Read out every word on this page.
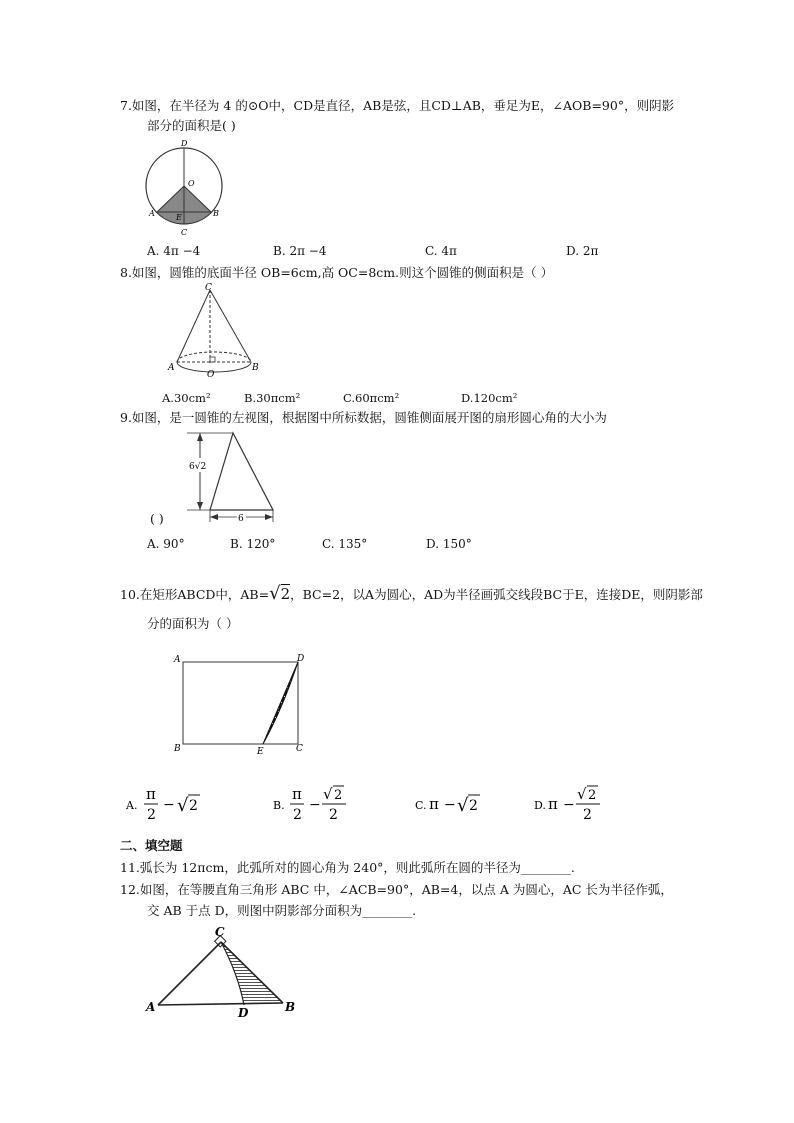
7.如图，在半径为 4 的⊙O中，CD是直径，AB是弦，且CD⊥AB，垂足为E，∠AOB=90°，则阴影
部分的面积是( )
D
O
A	E	B
C
A. 4π −4	B. 2π −4	C. 4π	D. 2π
8.如图，圆锥的底面半径 OB=6cm,高 OC=8cm.则这个圆锥的侧面积是（ ）
C
A	B
O
A.30cm²	B.30πcm²	C.60πcm²	D.120cm²
9.如图，是一圆锥的左视图，根据图中所标数据，圆锥侧面展开图的扇形圆心角的大小为
6√2
6
( )
A. 90°	B. 120°	C. 135°	D. 150°
10.在矩形ABCD中，AB=√2，BC=2，以A为圆心，AD为半径画弧交线段BC于E，连接DE，则阴影部
分的面积为（ ）
A	D
B	E	C
A.
π
2
− √ 2	B.
π
2
−
√ 2
2
C. π − √ 2	D. π −
√ 2
2
二、填空题
11.弧长为 12πcm，此弧所对的圆心角为 240°，则此弧所在圆的半径为________.
12.如图，在等腰直角三角形 ABC 中，∠ACB=90°，AB=4，以点 A 为圆心，AC 长为半径作弧，
交 AB 于点 D，则图中阴影部分面积为________.
C
A	D	B
